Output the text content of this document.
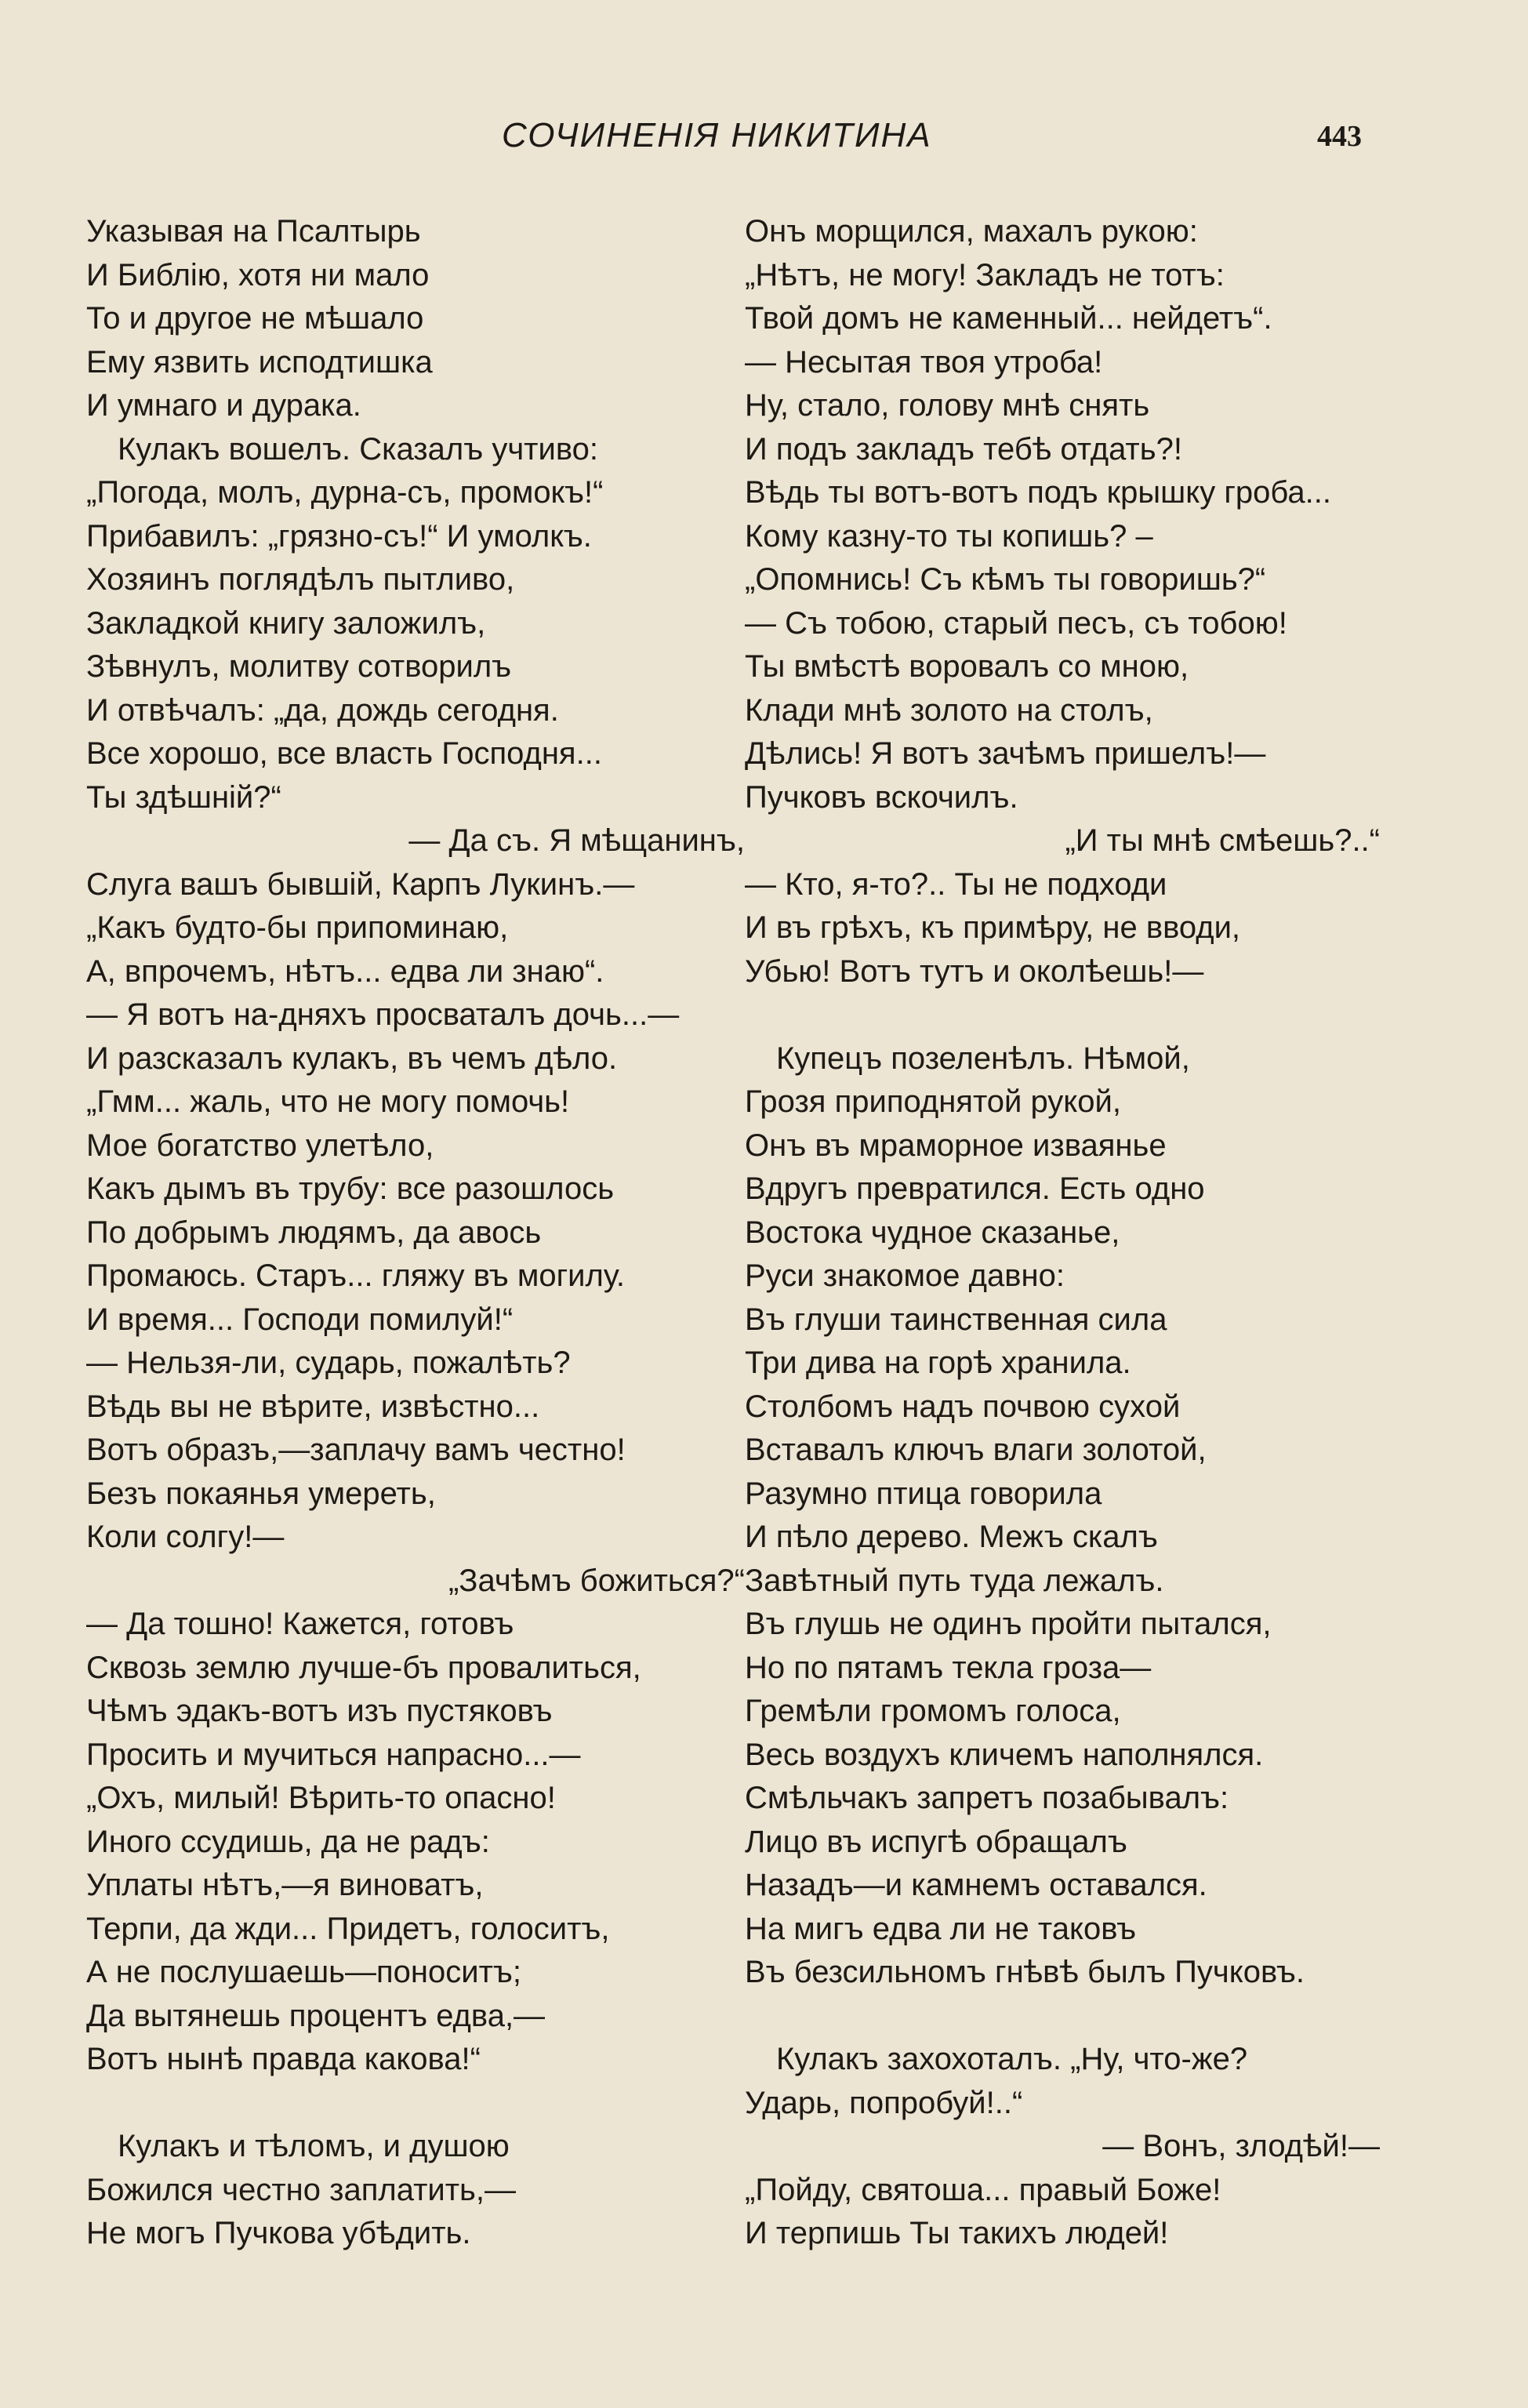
СОЧИНЕНІЯ НИКИТИНА	443
Указывая на Псалтырь
И Библію, хотя ни мало
То и другое не мѣшало
Ему язвить исподтишка
И умнаго и дурака.
Кулакъ вошелъ. Сказалъ учтиво:
„Погода, молъ, дурна-съ, промокъ!“
Прибавилъ: „грязно-съ!“ И умолкъ.
Хозяинъ поглядѣлъ пытливо,
Закладкой книгу заложилъ,
Зѣвнулъ, молитву сотворилъ
И отвѣчалъ: „да, дождь сегодня.
Все хорошо, все власть Господня...
Ты здѣшній?“
— Да съ. Я мѣщанинъ,
Слуга вашъ бывшій, Карпъ Лукинъ.—
„Какъ будто-бы припоминаю,
А, впрочемъ, нѣтъ... едва ли знаю“.
— Я вотъ на-дняхъ просваталъ дочь...—
И разсказалъ кулакъ, въ чемъ дѣло.
„Гмм... жаль, что не могу помочь!
Мое богатство улетѣло,
Какъ дымъ въ трубу: все разошлось
По добрымъ людямъ, да авось
Промаюсь. Старъ... гляжу въ могилу.
И время... Господи помилуй!“
— Нельзя-ли, сударь, пожалѣть?
Вѣдь вы не вѣрите, извѣстно...
Вотъ образъ,—заплачу вамъ честно!
Безъ покаянья умереть,
Коли солгу!—
„Зачѣмъ божиться?“
— Да тошно! Кажется, готовъ
Сквозь землю лучше-бъ провалиться,
Чѣмъ эдакъ-вотъ изъ пустяковъ
Просить и мучиться напрасно...—
„Охъ, милый! Вѣрить-то опасно!
Иного ссудишь, да не радъ:
Уплаты нѣтъ,—я виноватъ,
Терпи, да жди... Придетъ, голоситъ,
А не послушаешь—поноситъ;
Да вытянешь процентъ едва,—
Вотъ нынѣ правда какова!“
Кулакъ и тѣломъ, и душою
Божился честно заплатить,—
Не могъ Пучкова убѣдить.
Онъ морщился, махалъ рукою:
„Нѣтъ, не могу! Закладъ не тотъ:
Твой домъ не каменный... нейдетъ“.
— Несытая твоя утроба!
Ну, стало, голову мнѣ снять
И подъ закладъ тебѣ отдать?!
Вѣдь ты вотъ-вотъ подъ крышку гроба...
Кому казну-то ты копишь? –
„Опомнись! Съ кѣмъ ты говоришь?“
— Съ тобою, старый песъ, съ тобою!
Ты вмѣстѣ воровалъ со мною,
Клади мнѣ золото на столъ,
Дѣлись! Я вотъ зачѣмъ пришелъ!—
Пучковъ вскочилъ.
„И ты мнѣ смѣешь?..“
— Кто, я-то?.. Ты не подходи
И въ грѣхъ, къ примѣру, не вводи,
Убью! Вотъ тутъ и околѣешь!—
Купецъ позеленѣлъ. Нѣмой,
Грозя приподнятой рукой,
Онъ въ мраморное изваянье
Вдругъ превратился. Есть одно
Востока чудное сказанье,
Руси знакомое давно:
Въ глуши таинственная сила
Три дива на горѣ хранила.
Столбомъ надъ почвою сухой
Вставалъ ключъ влаги золотой,
Разумно птица говорила
И пѣло дерево. Межъ скалъ
Завѣтный путь туда лежалъ.
Въ глушь не одинъ пройти пытался,
Но по пятамъ текла гроза—
Гремѣли громомъ голоса,
Весь воздухъ кличемъ наполнялся.
Смѣльчакъ запретъ позабывалъ:
Лицо въ испугѣ обращалъ
Назадъ—и камнемъ оставался.
На мигъ едва ли не таковъ
Въ безсильномъ гнѣвѣ былъ Пучковъ.
Кулакъ захохоталъ. „Ну, что-же?
Ударь, попробуй!..“
— Вонъ, злодѣй!—
„Пойду, святоша... правый Боже!
И терпишь Ты такихъ людей!
